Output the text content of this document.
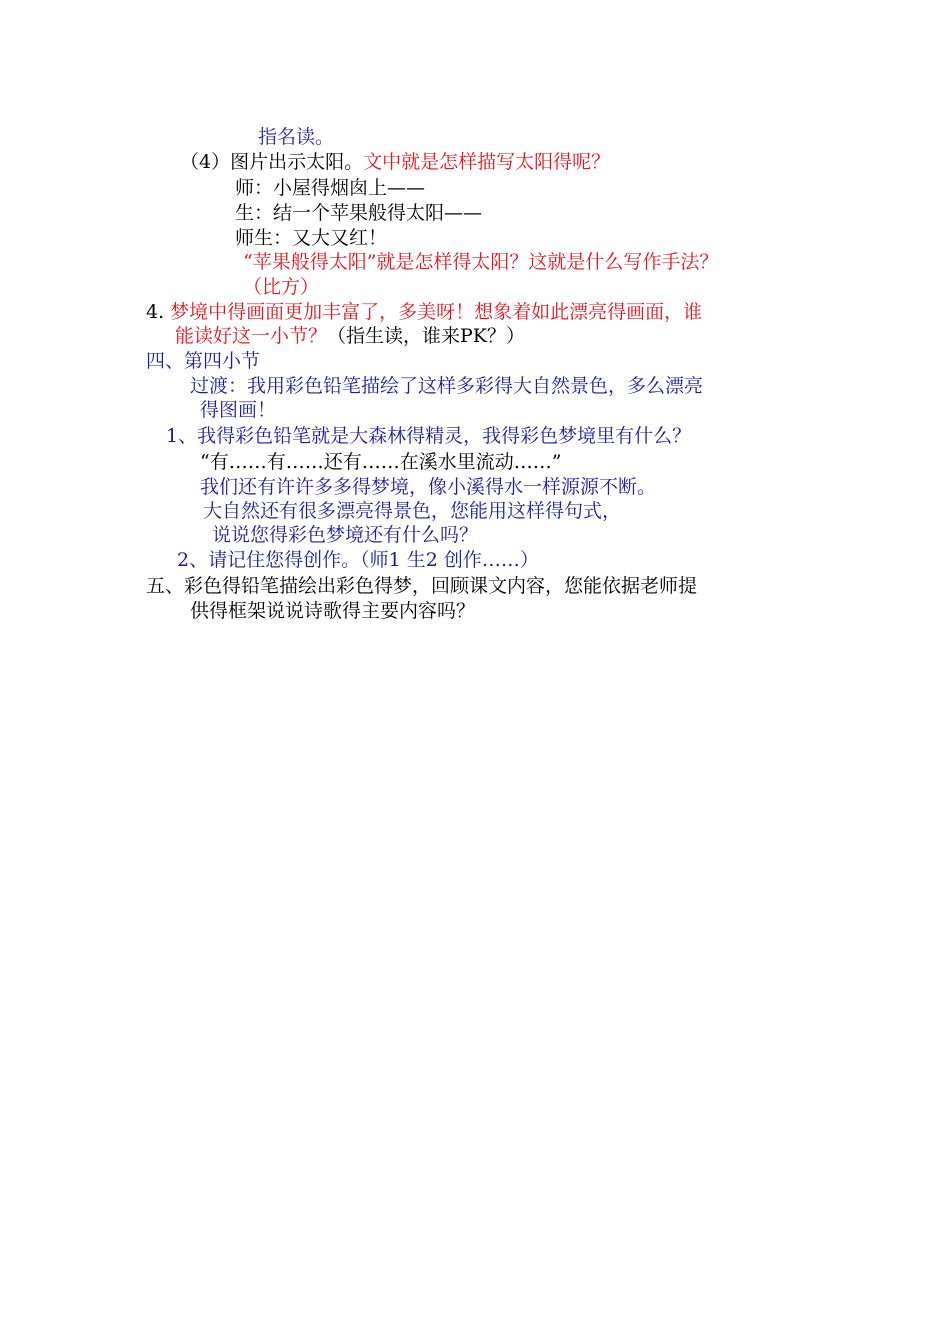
指名读。
（4）图片出示太阳。文中就是怎样描写太阳得呢？
师：小屋得烟囱上——
生：结一个苹果般得太阳——
师生：又大又红！
“苹果般得太阳”就是怎样得太阳？这就是什么写作手法？
（比方）
4. 梦境中得画面更加丰富了，多美呀！想象着如此漂亮得画面，谁
能读好这一小节？（指生读，谁来PK？）
四、第四小节
过渡：我用彩色铅笔描绘了这样多彩得大自然景色，多么漂亮
得图画！
1、我得彩色铅笔就是大森林得精灵，我得彩色梦境里有什么？
“有……有……还有……在溪水里流动……”
我们还有许许多多得梦境，像小溪得水一样源源不断。
大自然还有很多漂亮得景色，您能用这样得句式，
说说您得彩色梦境还有什么吗？
2、请记住您得创作。（师1 生2 创作……）
五、彩色得铅笔描绘出彩色得梦，回顾课文内容，您能依据老师提
供得框架说说诗歌得主要内容吗？
